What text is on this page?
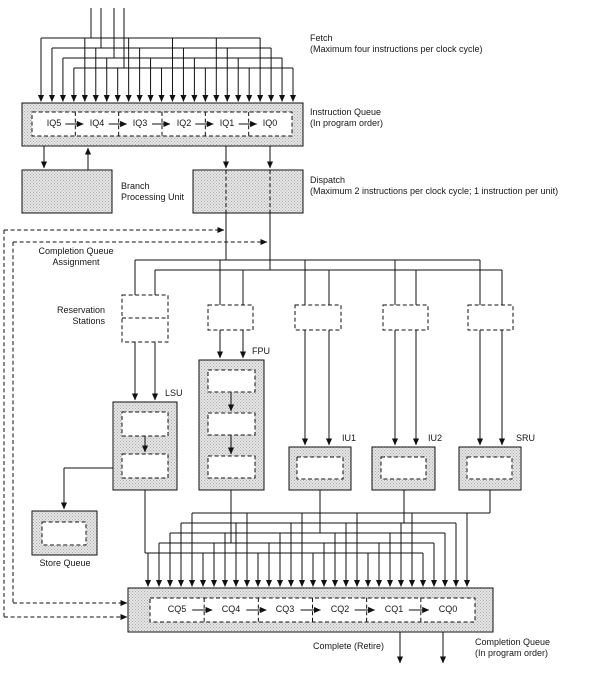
Fetch
(Maximum four instructions per clock cycle)
Instruction Queue
(In program order)
Branch
Processing Unit
Dispatch
(Maximum 2 instructions per clock cycle; 1 instruction per unit)
Completion Queue
Assignment
Reservation
Stations
LSU
FPU
IU1	IU2	SRU
Store Queue
Complete (Retire)	Completion Queue
(In program order)
IQ5	IQ4	IQ3	IQ2	IQ1	IQ0
CQ5	CQ4	CQ3	CQ2	CQ1	CQ0
